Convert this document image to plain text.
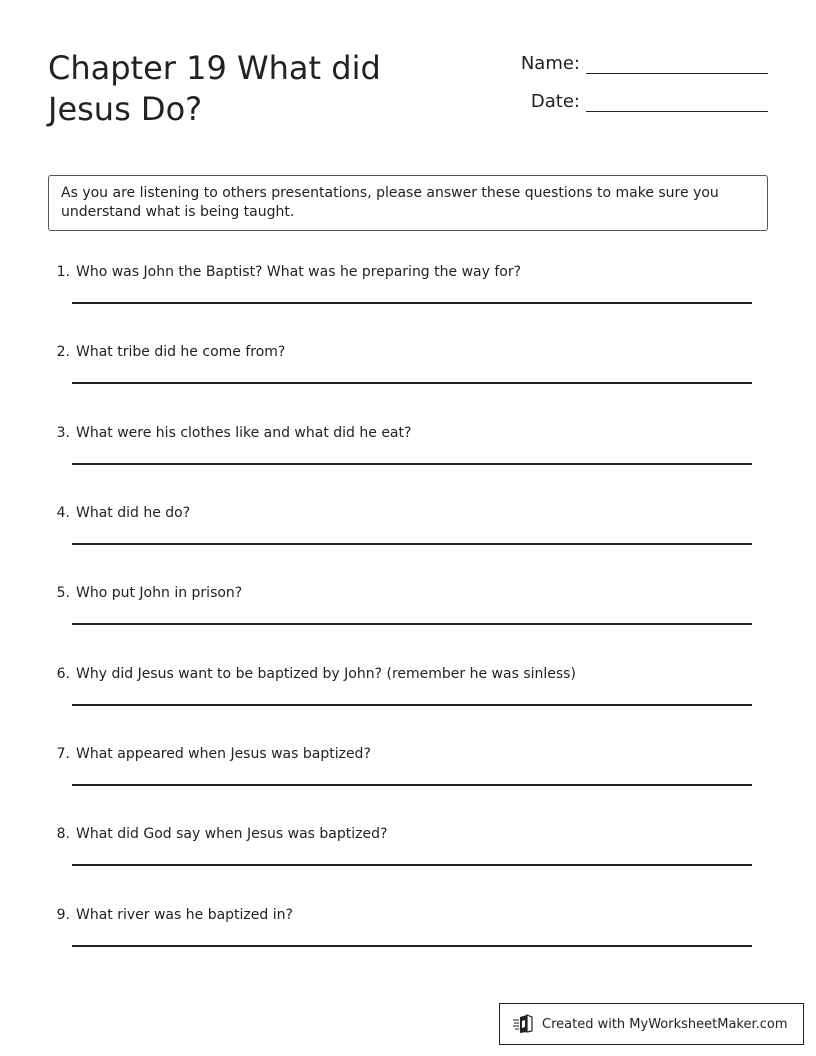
Chapter 19 What did Jesus Do?
Name:
Date:
As you are listening to others presentations, please answer these questions to make sure you understand what is being taught.
1. Who was John the Baptist? What was he preparing the way for?
2. What tribe did he come from?
3. What were his clothes like and what did he eat?
4. What did he do?
5. Who put John in prison?
6. Why did Jesus want to be baptized by John? (remember he was sinless)
7. What appeared when Jesus was baptized?
8. What did God say when Jesus was baptized?
9. What river was he baptized in?
Created with MyWorksheetMaker.com
